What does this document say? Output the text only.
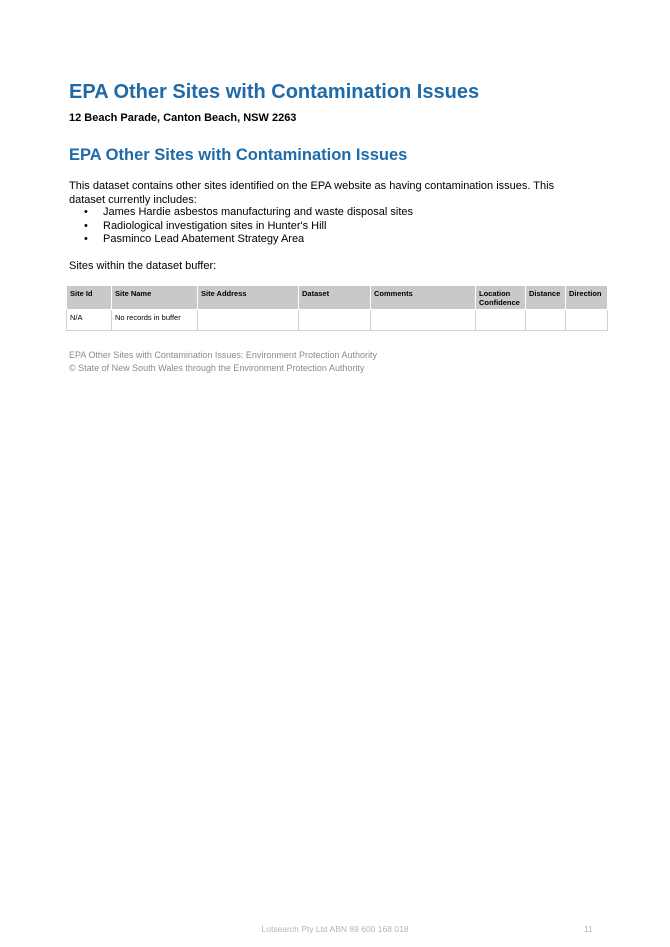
EPA Other Sites with Contamination Issues

12 Beach Parade, Canton Beach, NSW 2263

EPA Other Sites with Contamination Issues

This dataset contains other sites identified on the EPA website as having contamination issues. This dataset currently includes:

• James Hardie asbestos manufacturing and waste disposal sites
• Radiological investigation sites in Hunter's Hill
• Pasminco Lead Abatement Strategy Area

Sites within the dataset buffer:

Site Id	Site Name	Site Address	Dataset	Comments	Location Confidence	Distance	Direction
N/A	No records in buffer						
EPA Other Sites with Contamination Issues: Environment Protection Authority
© State of New South Wales through the Environment Protection Authority

Lotsearch Pty Ltd ABN 89 600 168 018	11
